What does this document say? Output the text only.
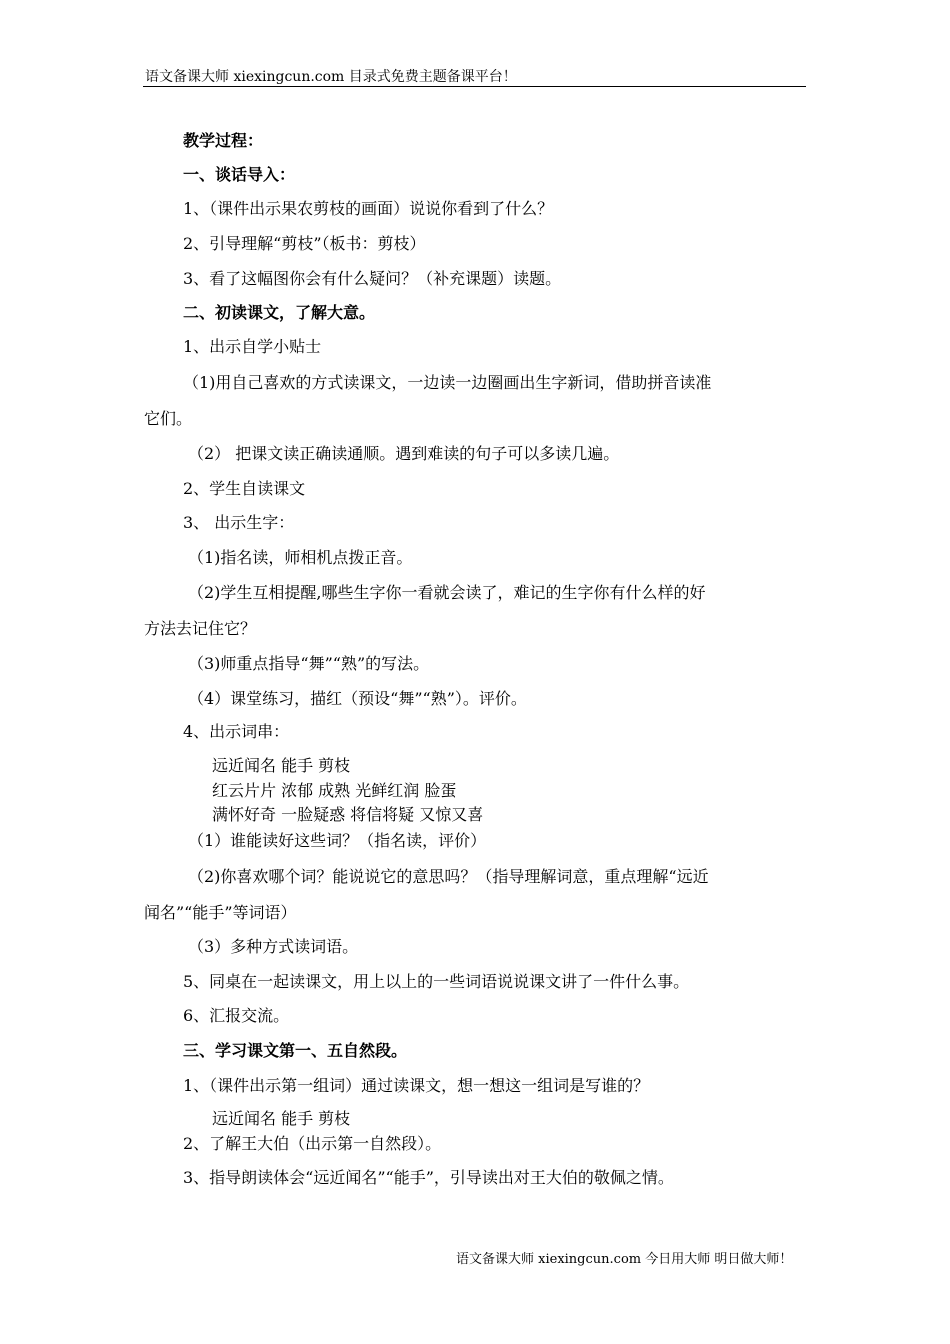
语文备课大师 xiexingcun.com 目录式免费主题备课平台！
教学过程：
一、谈话导入：
1、（课件出示果农剪枝的画面）说说你看到了什么？
2、引导理解“剪枝”（板书：剪枝）
3、看了这幅图你会有什么疑问？（补充课题）读题。
二、初读课文，了解大意。
1、出示自学小贴士
（1)用自己喜欢的方式读课文，一边读一边圈画出生字新词，借助拼音读准
它们。
（2） 把课文读正确读通顺。遇到难读的句子可以多读几遍。
2、学生自读课文
3、 出示生字：
（1)指名读，师相机点拨正音。
（2)学生互相提醒,哪些生字你一看就会读了，难记的生字你有什么样的好
方法去记住它？
（3)师重点指导“舞”“熟”的写法。
（4）课堂练习，描红（预设“舞”“熟”）。评价。
4、出示词串：
远近闻名 能手 剪枝
红云片片 浓郁 成熟 光鲜红润 脸蛋
满怀好奇 一脸疑惑 将信将疑 又惊又喜
（1）谁能读好这些词？（指名读，评价）
（2)你喜欢哪个词？能说说它的意思吗？（指导理解词意，重点理解“远近
闻名”“能手”等词语）
（3）多种方式读词语。
5、同桌在一起读课文，用上以上的一些词语说说课文讲了一件什么事。
6、汇报交流。
三、学习课文第一、五自然段。
1、（课件出示第一组词）通过读课文，想一想这一组词是写谁的？
远近闻名 能手 剪枝
2、了解王大伯（出示第一自然段）。
3、指导朗读体会“远近闻名”“能手”，引导读出对王大伯的敬佩之情。
语文备课大师 xiexingcun.com 今日用大师 明日做大师！
